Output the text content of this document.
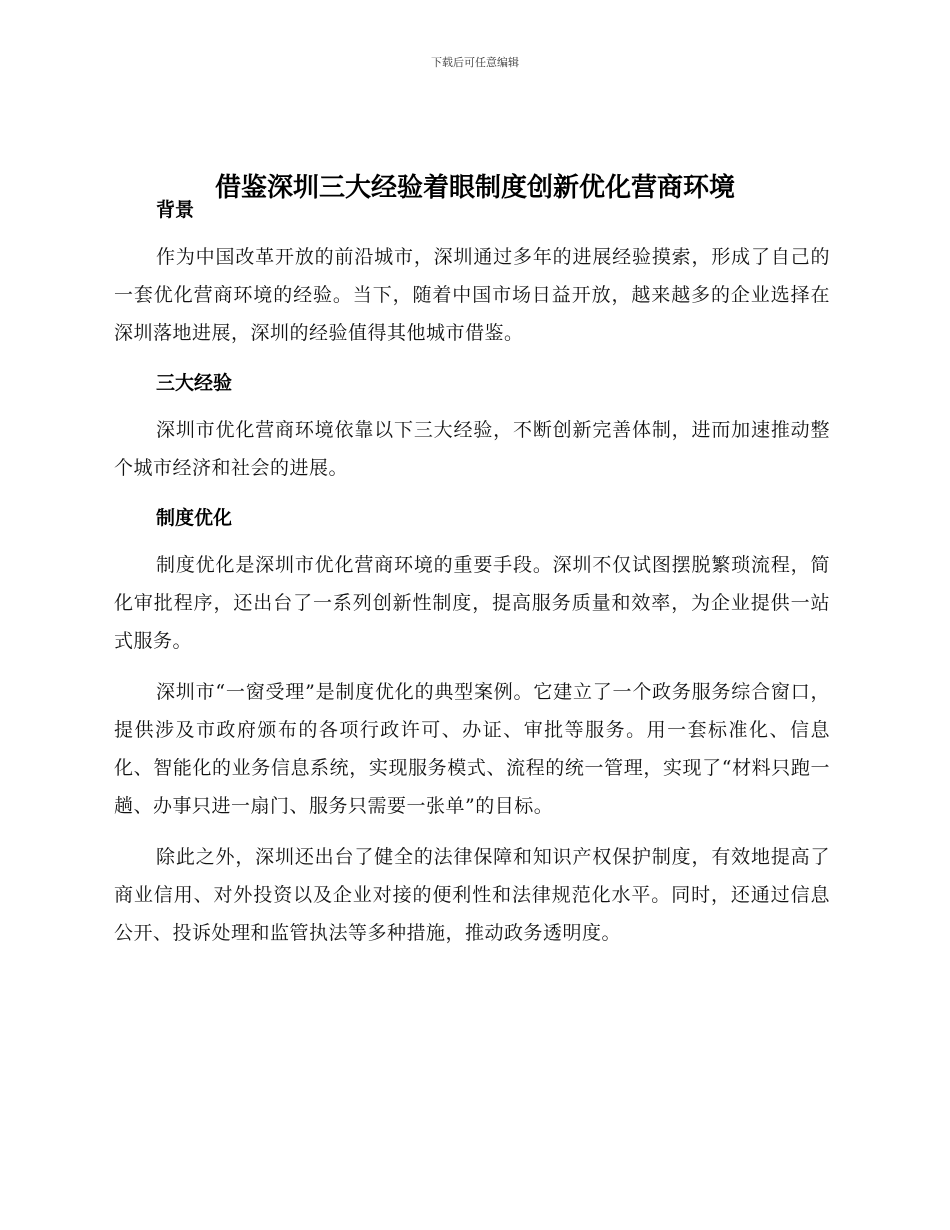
下载后可任意编辑
借鉴深圳三大经验着眼制度创新优化营商环境
背景

作为中国改革开放的前沿城市，深圳通过多年的进展经验摸索，形成了自己的一套优化营商环境的经验。当下，随着中国市场日益开放，越来越多的企业选择在深圳落地进展，深圳的经验值得其他城市借鉴。

三大经验

深圳市优化营商环境依靠以下三大经验，不断创新完善体制，进而加速推动整个城市经济和社会的进展。

制度优化

制度优化是深圳市优化营商环境的重要手段。深圳不仅试图摆脱繁琐流程，简化审批程序，还出台了一系列创新性制度，提高服务质量和效率，为企业提供一站式服务。

深圳市“一窗受理”是制度优化的典型案例。它建立了一个政务服务综合窗口，提供涉及市政府颁布的各项行政许可、办证、审批等服务。用一套标准化、信息化、智能化的业务信息系统，实现服务模式、流程的统一管理，实现了“材料只跑一趟、办事只进一扇门、服务只需要一张单”的目标。

除此之外，深圳还出台了健全的法律保障和知识产权保护制度，有效地提高了商业信用、对外投资以及企业对接的便利性和法律规范化水平。同时，还通过信息公开、投诉处理和监管执法等多种措施，推动政务透明度。
